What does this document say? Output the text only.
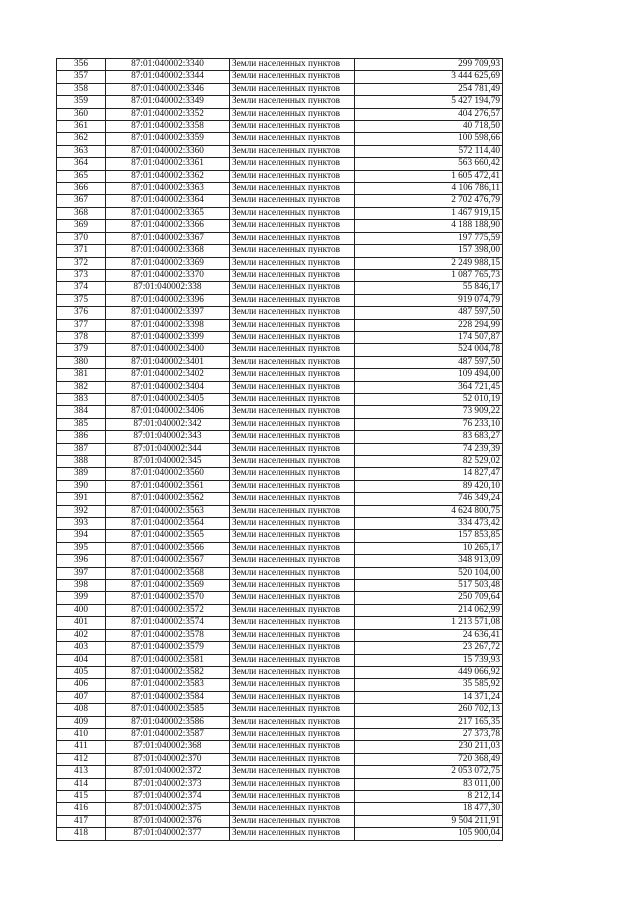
356	87:01:040002:3340	Земли населенных пунктов	299 709,93
357	87:01:040002:3344	Земли населенных пунктов	3 444 625,69
358	87:01:040002:3346	Земли населенных пунктов	254 781,49
359	87:01:040002:3349	Земли населенных пунктов	5 427 194,79
360	87:01:040002:3352	Земли населенных пунктов	404 276,57
361	87:01:040002:3358	Земли населенных пунктов	40 718,50
362	87:01:040002:3359	Земли населенных пунктов	100 598,66
363	87:01:040002:3360	Земли населенных пунктов	572 114,40
364	87:01:040002:3361	Земли населенных пунктов	563 660,42
365	87:01:040002:3362	Земли населенных пунктов	1 605 472,41
366	87:01:040002:3363	Земли населенных пунктов	4 106 786,11
367	87:01:040002:3364	Земли населенных пунктов	2 702 476,79
368	87:01:040002:3365	Земли населенных пунктов	1 467 919,15
369	87:01:040002:3366	Земли населенных пунктов	4 188 188,90
370	87:01:040002:3367	Земли населенных пунктов	197 775,59
371	87:01:040002:3368	Земли населенных пунктов	157 398,00
372	87:01:040002:3369	Земли населенных пунктов	2 249 988,15
373	87:01:040002:3370	Земли населенных пунктов	1 087 765,73
374	87:01:040002:338	Земли населенных пунктов	55 846,17
375	87:01:040002:3396	Земли населенных пунктов	919 074,79
376	87:01:040002:3397	Земли населенных пунктов	487 597,50
377	87:01:040002:3398	Земли населенных пунктов	228 294,99
378	87:01:040002:3399	Земли населенных пунктов	174 507,87
379	87:01:040002:3400	Земли населенных пунктов	524 004,78
380	87:01:040002:3401	Земли населенных пунктов	487 597,50
381	87:01:040002:3402	Земли населенных пунктов	109 494,00
382	87:01:040002:3404	Земли населенных пунктов	364 721,45
383	87:01:040002:3405	Земли населенных пунктов	52 010,19
384	87:01:040002:3406	Земли населенных пунктов	73 909,22
385	87:01:040002:342	Земли населенных пунктов	76 233,10
386	87:01:040002:343	Земли населенных пунктов	83 683,27
387	87:01:040002:344	Земли населенных пунктов	74 239,39
388	87:01:040002:345	Земли населенных пунктов	82 529,02
389	87:01:040002:3560	Земли населенных пунктов	14 827,47
390	87:01:040002:3561	Земли населенных пунктов	89 420,10
391	87:01:040002:3562	Земли населенных пунктов	746 349,24
392	87:01:040002:3563	Земли населенных пунктов	4 624 800,75
393	87:01:040002:3564	Земли населенных пунктов	334 473,42
394	87:01:040002:3565	Земли населенных пунктов	157 853,85
395	87:01:040002:3566	Земли населенных пунктов	10 265,17
396	87:01:040002:3567	Земли населенных пунктов	348 913,09
397	87:01:040002:3568	Земли населенных пунктов	520 104,00
398	87:01:040002:3569	Земли населенных пунктов	517 503,48
399	87:01:040002:3570	Земли населенных пунктов	250 709,64
400	87:01:040002:3572	Земли населенных пунктов	214 062,99
401	87:01:040002:3574	Земли населенных пунктов	1 213 571,08
402	87:01:040002:3578	Земли населенных пунктов	24 636,41
403	87:01:040002:3579	Земли населенных пунктов	23 267,72
404	87:01:040002:3581	Земли населенных пунктов	15 739,93
405	87:01:040002:3582	Земли населенных пунктов	449 066,92
406	87:01:040002:3583	Земли населенных пунктов	35 585,92
407	87:01:040002:3584	Земли населенных пунктов	14 371,24
408	87:01:040002:3585	Земли населенных пунктов	260 702,13
409	87:01:040002:3586	Земли населенных пунктов	217 165,35
410	87:01:040002:3587	Земли населенных пунктов	27 373,78
411	87:01:040002:368	Земли населенных пунктов	230 211,03
412	87:01:040002:370	Земли населенных пунктов	720 368,49
413	87:01:040002:372	Земли населенных пунктов	2 053 072,75
414	87:01:040002:373	Земли населенных пунктов	83 011,00
415	87:01:040002:374	Земли населенных пунктов	8 212,14
416	87:01:040002:375	Земли населенных пунктов	18 477,30
417	87:01:040002:376	Земли населенных пунктов	9 504 211,91
418	87:01:040002:377	Земли населенных пунктов	105 900,04
